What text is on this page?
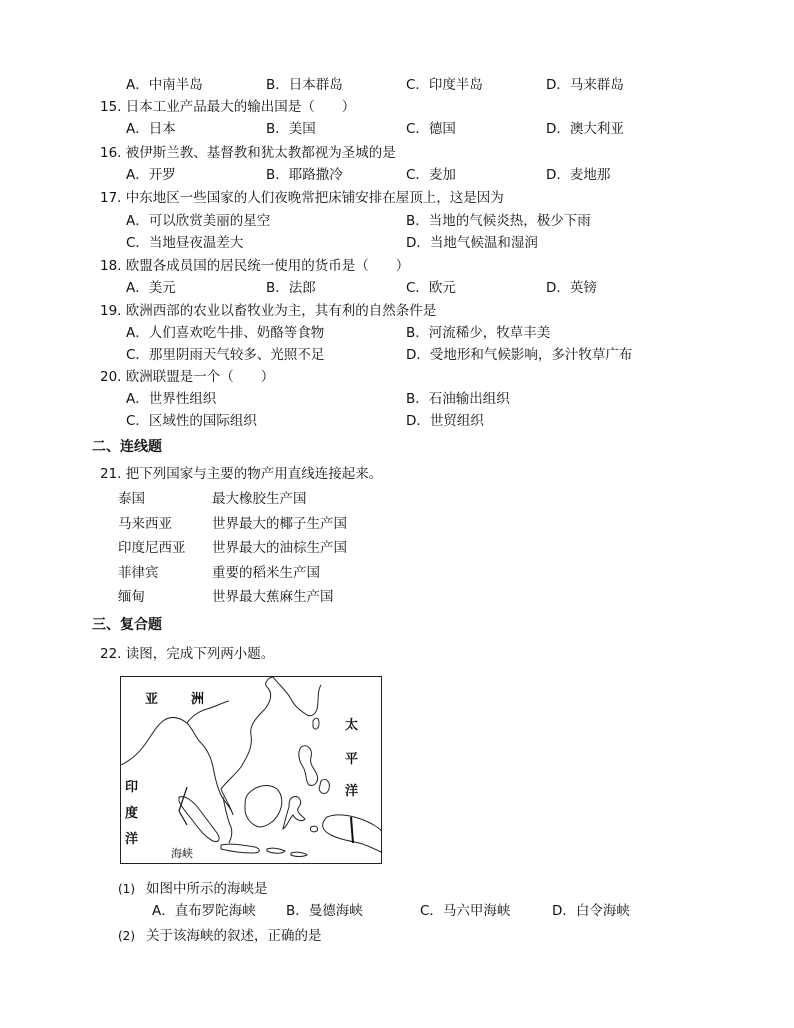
A．中南半岛	B．日本群岛	C．印度半岛	D．马来群岛
15. 日本工业产品最大的输出国是（　　）
A．日本	B．美国	C．德国	D．澳大利亚
16. 被伊斯兰教、基督教和犹太教都视为圣城的是
A．开罗	B．耶路撒冷	C．麦加	D．麦地那
17. 中东地区一些国家的人们夜晚常把床铺安排在屋顶上，这是因为
A．可以欣赏美丽的星空	B．当地的气候炎热，极少下雨
C．当地昼夜温差大	D．当地气候温和湿润
18. 欧盟各成员国的居民统一使用的货币是（　　）
A．美元	B．法郎	C．欧元	D．英镑
19. 欧洲西部的农业以畜牧业为主，其有利的自然条件是
A．人们喜欢吃牛排、奶酪等食物	B．河流稀少，牧草丰美
C．那里阴雨天气较多、光照不足	D．受地形和气候影响，多汁牧草广布
20. 欧洲联盟是一个（　　）
A．世界性组织	B．石油输出组织
C．区域性的国际组织	D．世贸组织
二、连线题
21. 把下列国家与主要的物产用直线连接起来。
泰国	最大橡胶生产国
马来西亚	世界最大的椰子生产国
印度尼西亚 世界最大的油棕生产国
菲律宾	重要的稻米生产国
缅甸	世界最大蕉麻生产国
三、复合题
22. 读图，完成下列两小题。
亚	洲
太
平
洋
印
度
洋
海峡
(1) 如图中所示的海峡是
A．直布罗陀海峡 B．曼德海峡	C．马六甲海峡	D．白令海峡
(2) 关于该海峡的叙述，正确的是
